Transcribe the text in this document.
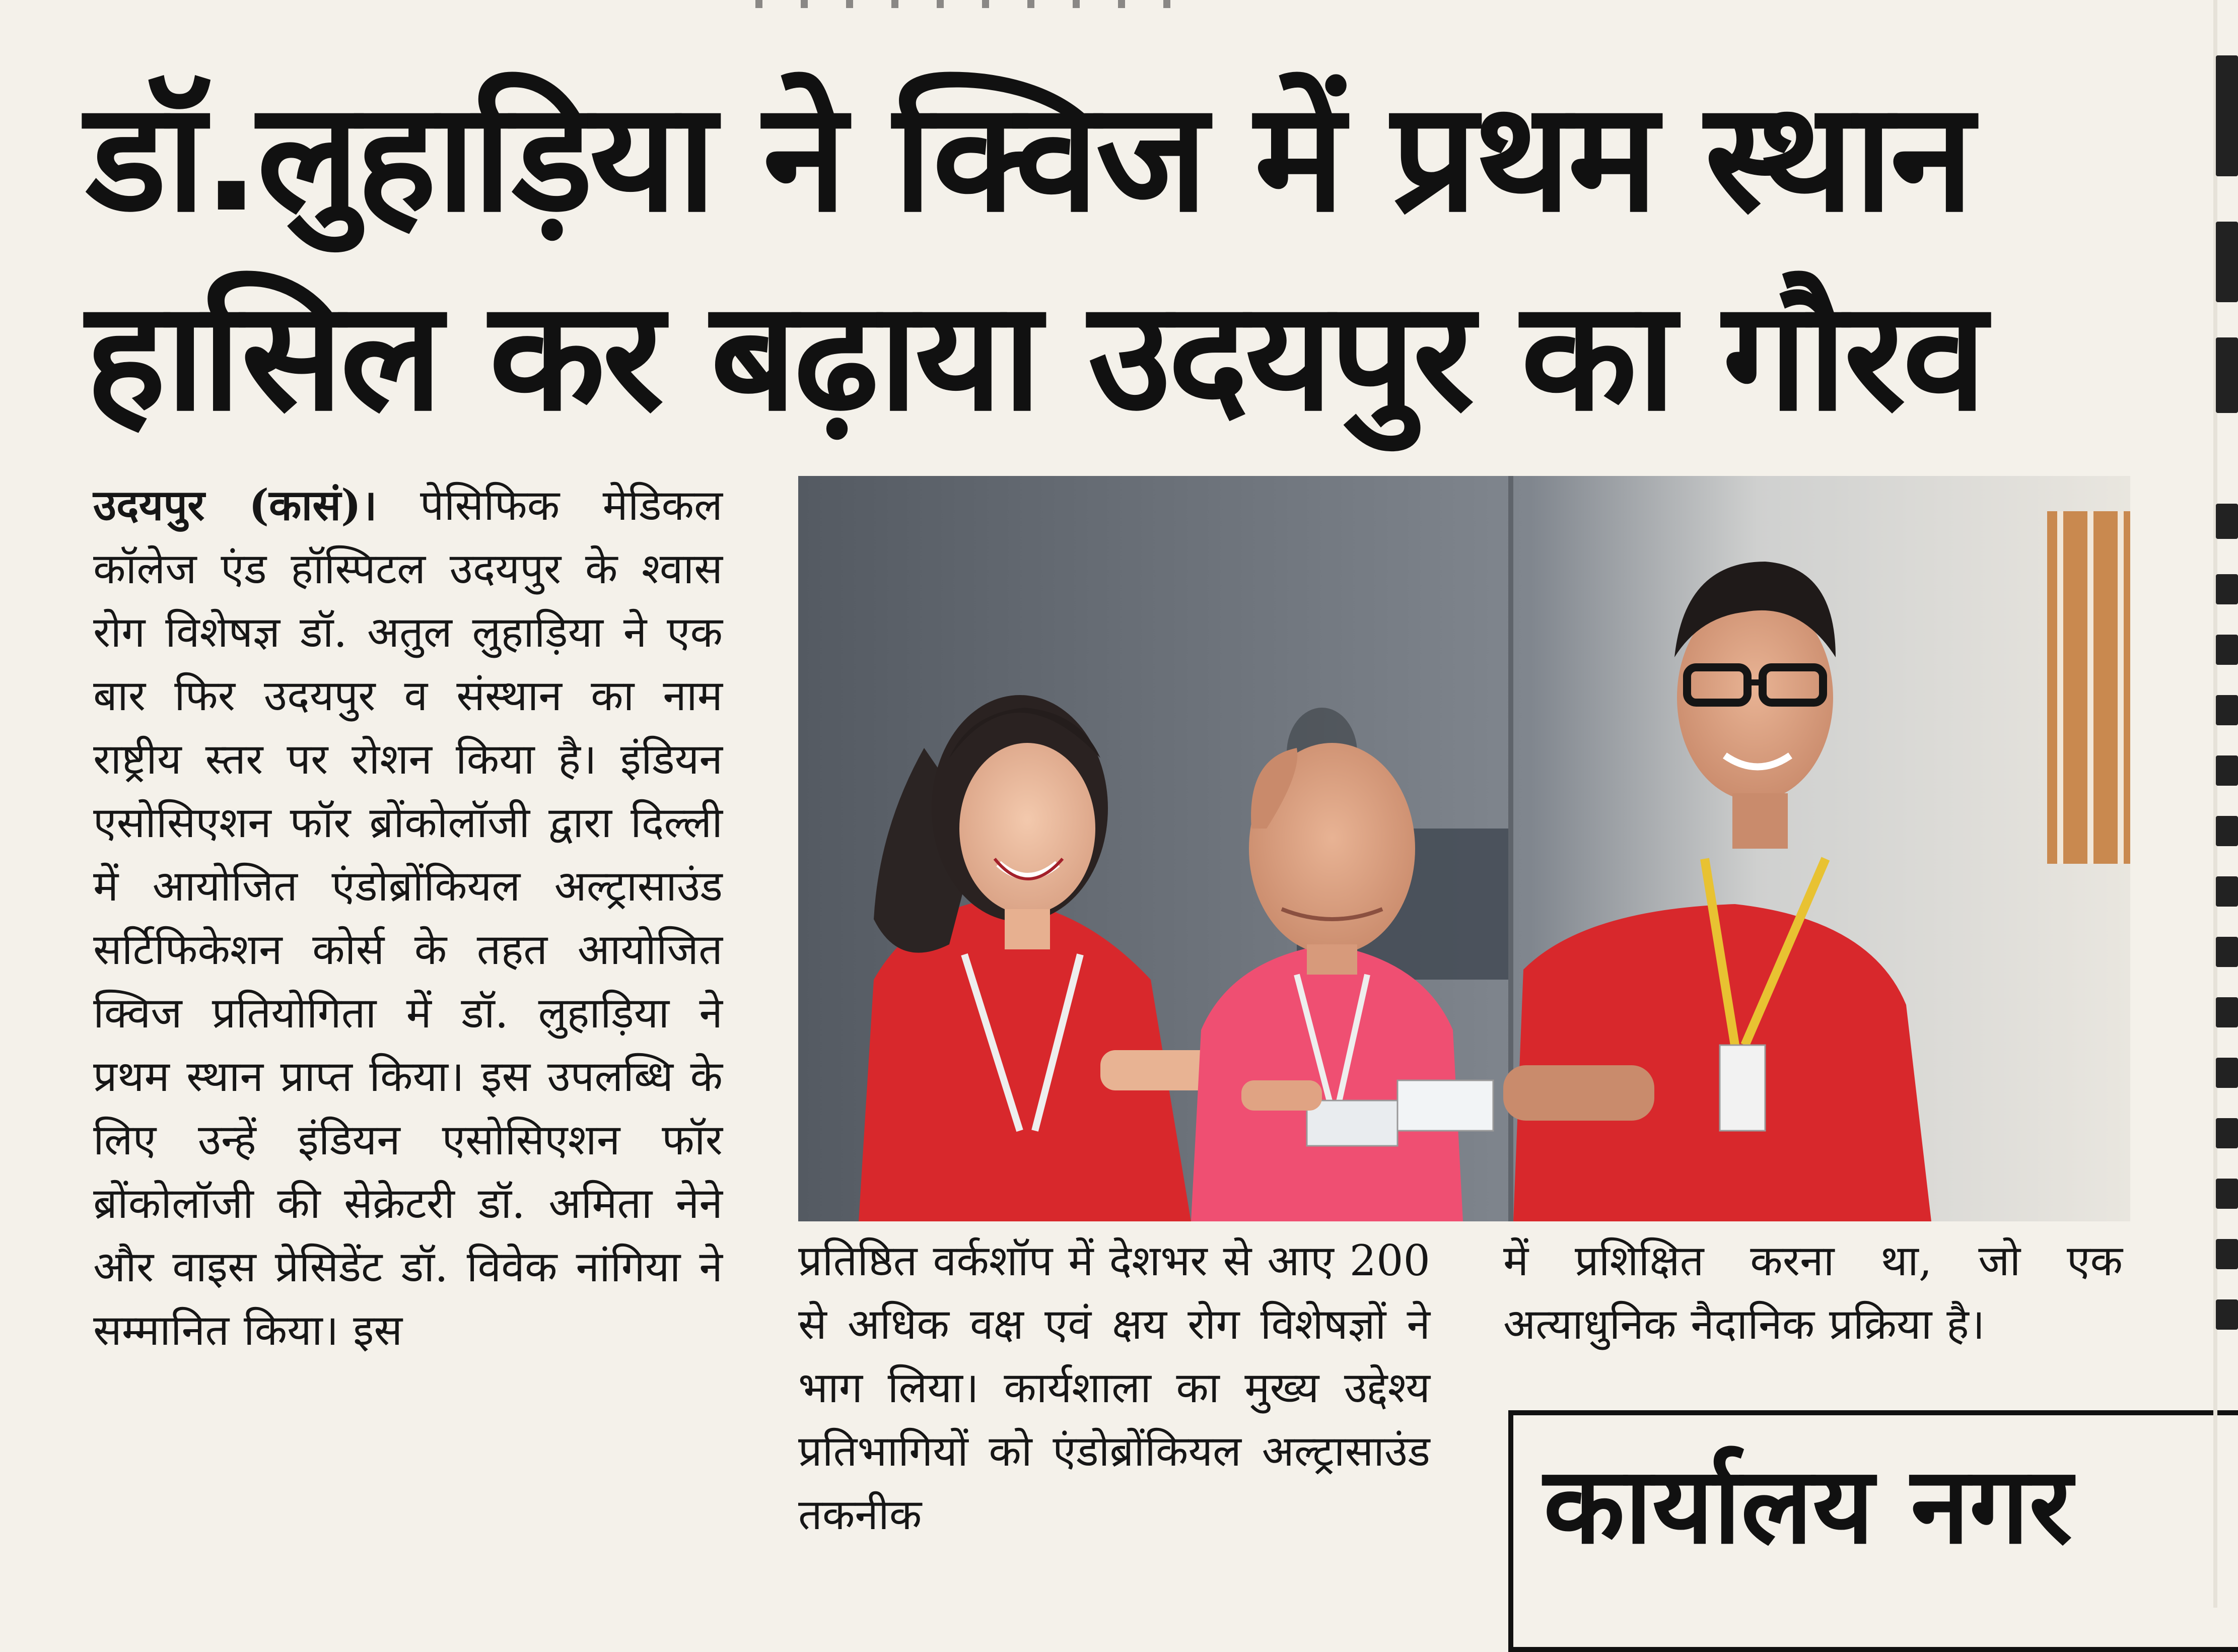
डॉ.लुहाड़िया ने क्विज में प्रथम स्थान
हासिल कर बढ़ाया उदयपुर का गौरव

उदयपुर (कासं)। पेसिफिक मेडिकल कॉलेज एंड हॉस्पिटल उदयपुर के श्वास रोग विशेषज्ञ डॉ. अतुल लुहाड़िया ने एक बार फिर उदयपुर व संस्थान का नाम राष्ट्रीय स्तर पर रोशन किया है। इंडियन एसोसिएशन फॉर ब्रोंकोलॉजी द्वारा दिल्ली में आयोजित एंडोब्रोंकियल अल्ट्रासाउंड सर्टिफिकेशन कोर्स के तहत आयोजित क्विज प्रतियोगिता में डॉ. लुहाड़िया ने प्रथम स्थान प्राप्त किया। इस उपलब्धि के लिए उन्हें इंडियन एसोसिएशन फॉर ब्रोंकोलॉजी की सेक्रेटरी डॉ. अमिता नेने और वाइस प्रेसिडेंट डॉ. विवेक नांगिया ने सम्मानित किया। इस

प्रतिष्ठित वर्कशॉप में देशभर से आए 200 से अधिक वक्ष एवं क्षय रोग विशेषज्ञों ने भाग लिया। कार्यशाला का मुख्य उद्देश्य प्रतिभागियों को एंडोब्रोंकियल अल्ट्रासाउंड तकनीक

में प्रशिक्षित करना था, जो एक अत्याधुनिक नैदानिक प्रक्रिया है।

कार्यालय नगर
